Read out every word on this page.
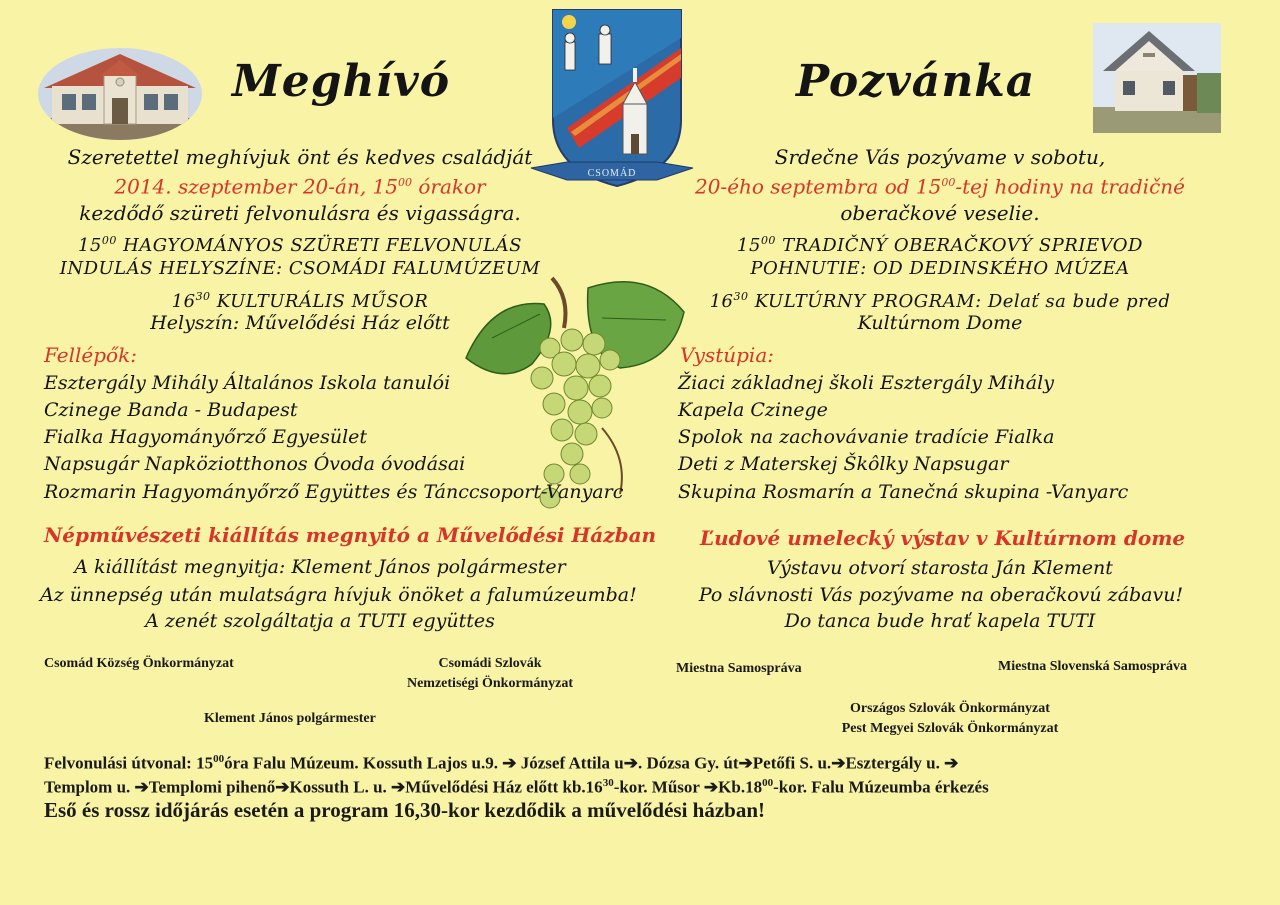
CSOMÁD
Meghívó	Pozvánka
Szeretettel meghívjuk önt és kedves családját
2014. szeptember 20-án, $15^{00}$ órakor
kezdődő szüreti felvonulásra és vigasságra.
$15^{00}$ HAGYOMÁNYOS SZÜRETI FELVONULÁS
INDULÁS HELYSZÍNE: CSOMÁDI FALUMÚZEUM
$16^{30}$ KULTURÁLIS MŰSOR
Helyszín: Művelődési Ház előtt
Fellépők:
Esztergály Mihály Általános Iskola tanulói
Czinege Banda - Budapest
Fialka Hagyományőrző Egyesület
Napsugár Napköziotthonos Óvoda óvodásai
Rozmarin Hagyományőrző Együttes és Tánccsoport-Vanyarc
Népművészeti kiállítás megnyitó a Művelődési Házban
A kiállítást megnyitja: Klement János polgármester
Az ünnepség után mulatságra hívjuk önöket a falumúzeumba!
A zenét szolgáltatja a TUTI együttes
Srdečne Vás pozývame v sobotu,
20-ého septembra od $15^{00}$-tej hodiny na tradičné
oberačkové veselie.
$15^{00}$ TRADIČNÝ OBERAČKOVÝ SPRIEVOD
POHNUTIE: OD DEDINSKÉHO MÚZEA
$16^{30}$ KULTÚRNY PROGRAM: Delať sa bude pred
Kultúrnom Dome
Vystúpia:
Žiaci základnej školi Esztergály Mihály
Kapela Czinege
Spolok na zachovávanie tradície Fialka
Deti z Materskej Škôlky Napsugar
Skupina Rosmarín a Tanečná skupina -Vanyarc
Ľudové umelecký výstav v Kultúrnom dome
Výstavu otvorí starosta Ján Klement
Po slávnosti Vás pozývame na oberačkovú zábavu!
Do tanca bude hrať kapela TUTI
Csomád Község Önkormányzat	Csomádi Szlovák
Nemzetiségi Önkormányzat
Klement János polgármester
Miestna Samospráva	Miestna Slovenská Samospráva
Országos Szlovák Önkormányzat
Pest Megyei Szlovák Önkormányzat
Felvonulási útvonal: $15^{00}óra$ Falu Múzeum. Kossuth Lajos u.9. ➔ József Attila u➔. Dózsa Gy. út➔Petőfi S. u.➔Esztergály u. ➔
Templom u. ➔Templomi pihenő➔Kossuth L. u. ➔Művelődési Ház előtt $kb.16^{30}$-kor. Műsor $➔Kb.18^{00}$-kor. Falu Múzeumba érkezés
Eső és rossz időjárás esetén a program 16,30-kor kezdődik a művelődési házban!
